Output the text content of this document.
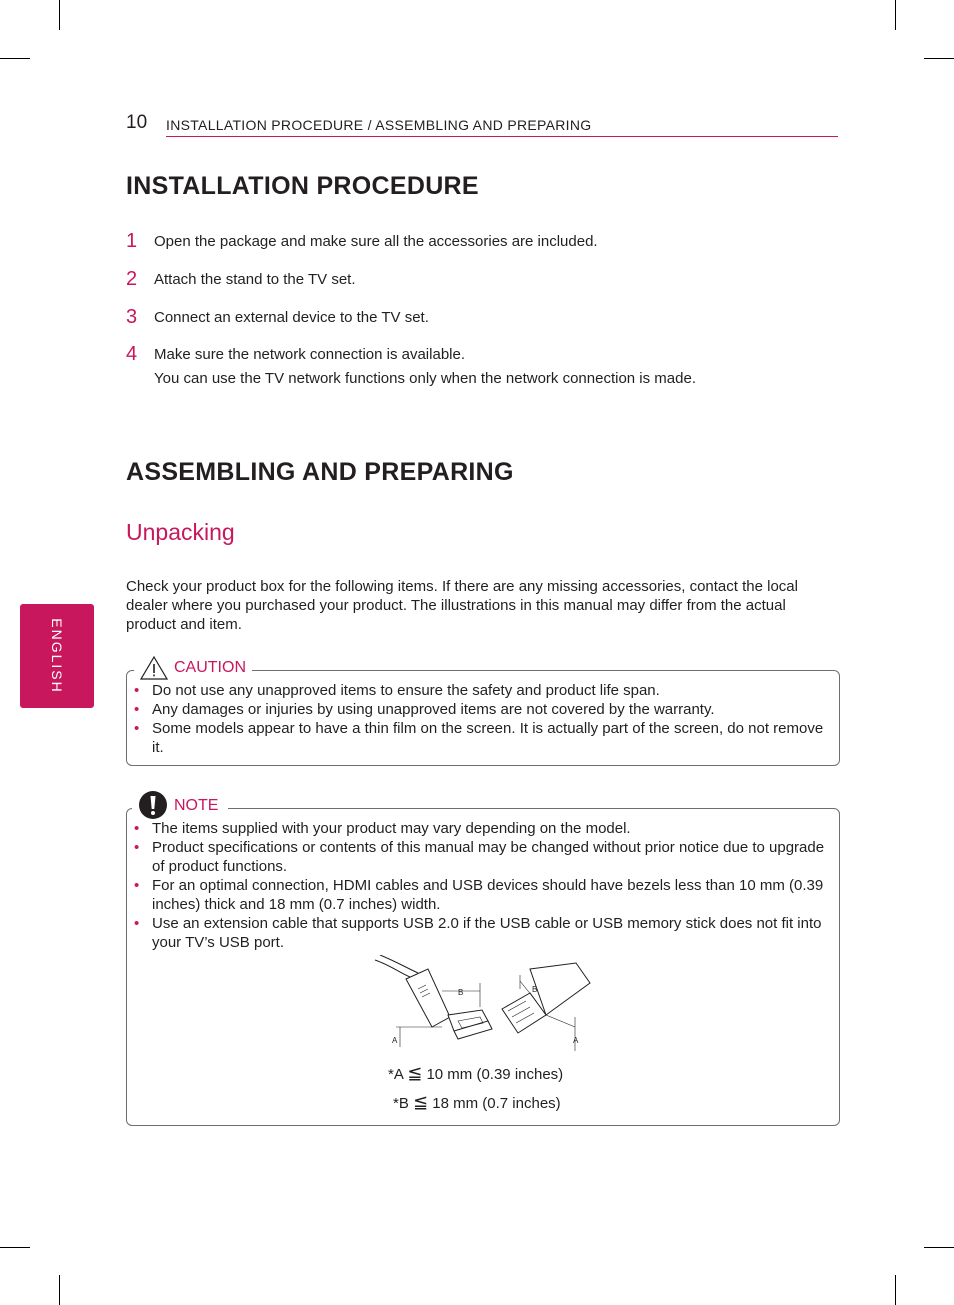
10 INSTALLATION PROCEDURE / ASSEMBLING AND PREPARING
INSTALLATION PROCEDURE
1 Open the package and make sure all the accessories are included.
2 Attach the stand to the TV set.
3 Connect an external device to the TV set.
4 Make sure the network connection is available.
You can use the TV network functions only when the network connection is made.
ASSEMBLING AND PREPARING
Unpacking
Check your product box for the following items. If there are any missing accessories, contact the local dealer where you purchased your product. The illustrations in this manual may differ from the actual product and item.
ENGLISH	CAUTION
• Do not use any unapproved items to ensure the safety and product life span.
• Any damages or injuries by using unapproved items are not covered by the warranty.
• Some models appear to have a thin film on the screen. It is actually part of the screen, do not remove it.
NOTE
• The items supplied with your product may vary depending on the model.
• Product specifications or contents of this manual may be changed without prior notice due to upgrade of product functions.
• For an optimal connection, HDMI cables and USB devices should have bezels less than 10 mm (0.39 inches) thick and 18 mm (0.7 inches) width.
• Use an extension cable that supports USB 2.0 if the USB cable or USB memory stick does not fit into your TV’s USB port.
B
A
B
A
*A ≦ 10 mm (0.39 inches)
*B ≦ 18 mm (0.7 inches)
